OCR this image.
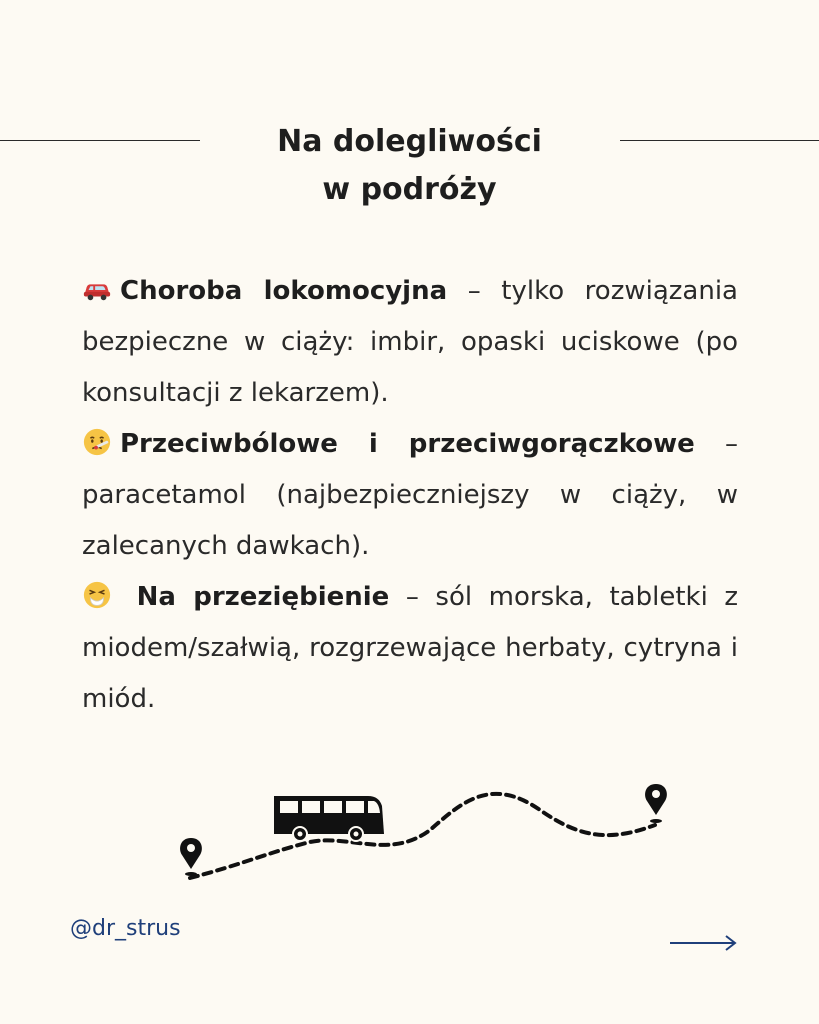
Na dolegliwości
w podróży

Choroba lokomocyjna – tylko rozwiązania bezpieczne w ciąży: imbir, opaski uciskowe (po konsultacji z lekarzem).

Przeciwbólowe i przeciwgorączkowe – paracetamol (najbezpieczniejszy w ciąży, w zalecanych dawkach).

Na przeziębienie – sól morska, tabletki z miodem/szałwią, rozgrzewające herbaty, cytryna i miód.

@dr_strus
